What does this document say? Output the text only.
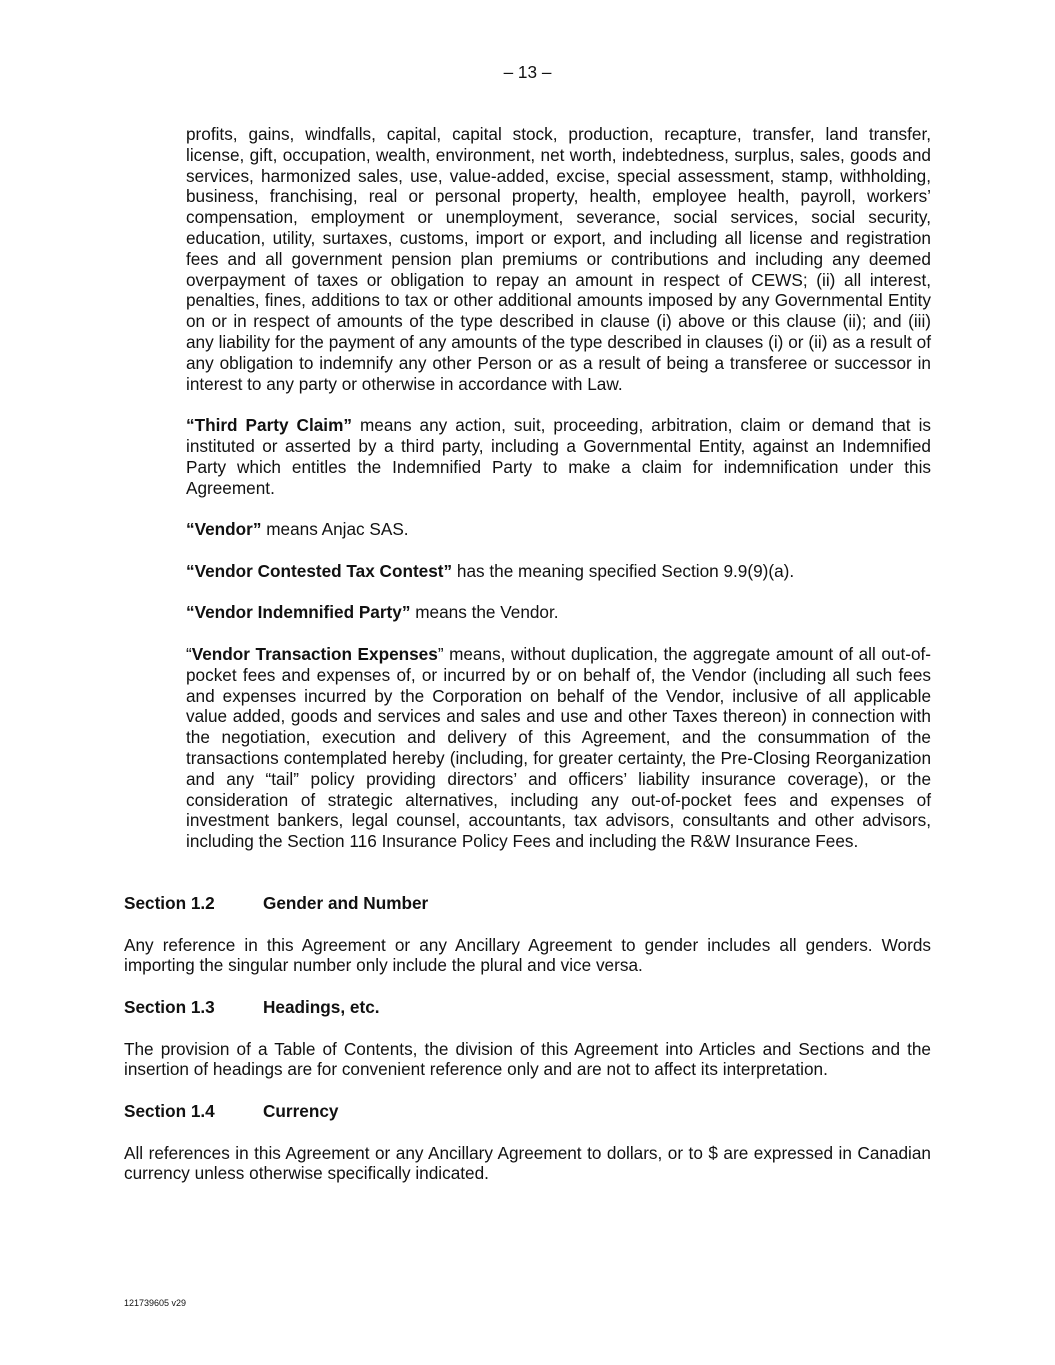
– 13 –

profits, gains, windfalls, capital, capital stock, production, recapture, transfer, land transfer, license, gift, occupation, wealth, environment, net worth, indebtedness, surplus, sales, goods and services, harmonized sales, use, value-added, excise, special assessment, stamp, withholding, business, franchising, real or personal property, health, employee health, payroll, workers’ compensation, employment or unemployment, severance, social services, social security, education, utility, surtaxes, customs, import or export, and including all license and registration fees and all government pension plan premiums or contributions and including any deemed overpayment of taxes or obligation to repay an amount in respect of CEWS; (ii) all interest, penalties, fines, additions to tax or other additional amounts imposed by any Governmental Entity on or in respect of amounts of the type described in clause (i) above or this clause (ii); and (iii) any liability for the payment of any amounts of the type described in clauses (i) or (ii) as a result of any obligation to indemnify any other Person or as a result of being a transferee or successor in interest to any party or otherwise in accordance with Law.

“Third Party Claim” means any action, suit, proceeding, arbitration, claim or demand that is instituted or asserted by a third party, including a Governmental Entity, against an Indemnified Party which entitles the Indemnified Party to make a claim for indemnification under this Agreement.

“Vendor” means Anjac SAS.

“Vendor Contested Tax Contest” has the meaning specified Section 9.9(9)(a).

“Vendor Indemnified Party” means the Vendor.

“Vendor Transaction Expenses” means, without duplication, the aggregate amount of all out-of-pocket fees and expenses of, or incurred by or on behalf of, the Vendor (including all such fees and expenses incurred by the Corporation on behalf of the Vendor, inclusive of all applicable value added, goods and services and sales and use and other Taxes thereon) in connection with the negotiation, execution and delivery of this Agreement, and the consummation of the transactions contemplated hereby (including, for greater certainty, the Pre-Closing Reorganization and any “tail” policy providing directors’ and officers’ liability insurance coverage), or the consideration of strategic alternatives, including any out-of-pocket fees and expenses of investment bankers, legal counsel, accountants, tax advisors, consultants and other advisors, including the Section 116 Insurance Policy Fees and including the R&W Insurance Fees.

Section 1.2	Gender and Number

Any reference in this Agreement or any Ancillary Agreement to gender includes all genders. Words importing the singular number only include the plural and vice versa.

Section 1.3	Headings, etc.

The provision of a Table of Contents, the division of this Agreement into Articles and Sections and the insertion of headings are for convenient reference only and are not to affect its interpretation.

Section 1.4	Currency

All references in this Agreement or any Ancillary Agreement to dollars, or to $ are expressed in Canadian currency unless otherwise specifically indicated.

121739605 v29
